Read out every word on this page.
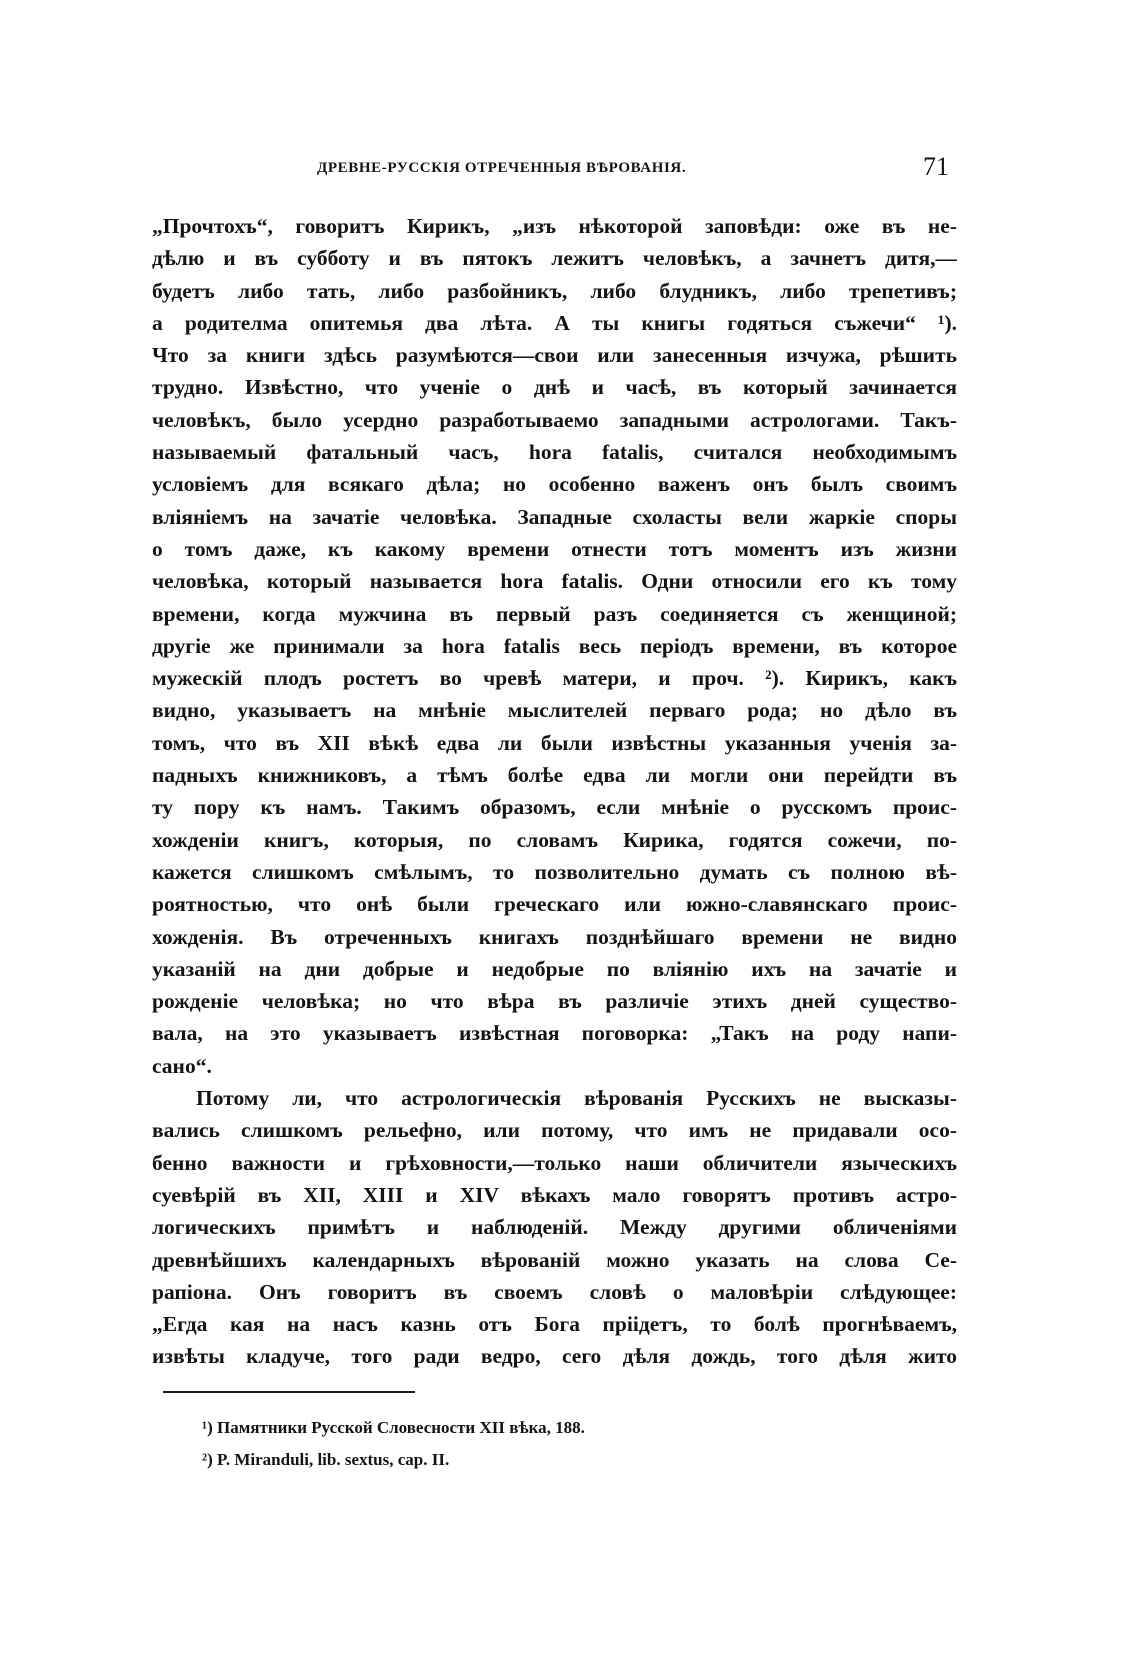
ДРЕВНЕ-РУССКІЯ ОТРЕЧЕННЫЯ ВѢРОВАНІЯ.	71
„Прочтохъ“, говоритъ Кирикъ, „изъ нѣкоторой заповѣди: оже въ не-
дѣлю и въ субботу и въ пятокъ лежитъ человѣкъ, а зачнетъ дитя,—
будетъ либо тать, либо разбойникъ, либо блудникъ, либо трепетивъ;
а родителма опитемья два лѣта. А ты книгы годяться съжечи“ ¹).
Что за книги здѣсь разумѣются—свои или занесенныя изчужа, рѣшить
трудно. Извѣстно, что ученіе о днѣ и часѣ, въ который зачинается
человѣкъ, было усердно разработываемо западными астрологами. Такъ-
называемый фатальный часъ, hora fatalis, считался необходимымъ
условіемъ для всякаго дѣла; но особенно важенъ онъ былъ своимъ
вліяніемъ на зачатіе человѣка. Западные схоласты вели жаркіе споры
о томъ даже, къ какому времени отнести тотъ моментъ изъ жизни
человѣка, который называется hora fatalis. Одни относили его къ тому
времени, когда мужчина въ первый разъ соединяется съ женщиной;
другіе же принимали за hora fatalis весь періодъ времени, въ которое
мужескій плодъ ростетъ во чревѣ матери, и проч. ²). Кирикъ, какъ
видно, указываетъ на мнѣніе мыслителей перваго рода; но дѣло въ
томъ, что въ XII вѣкѣ едва ли были извѣстны указанныя ученія за-
падныхъ книжниковъ, а тѣмъ болѣе едва ли могли они перейдти въ
ту пору къ намъ. Такимъ образомъ, если мнѣніе о русскомъ проис-
хожденіи книгъ, которыя, по словамъ Кирика, годятся сожечи, по-
кажется слишкомъ смѣлымъ, то позволительно думать съ полною вѣ-
роятностью, что онѣ были греческаго или южно-славянскаго проис-
хожденія. Въ отреченныхъ книгахъ позднѣйшаго времени не видно
указаній на дни добрые и недобрые по вліянію ихъ на зачатіе и
рожденіе человѣка; но что вѣра въ различіе этихъ дней существо-
вала, на это указываетъ извѣстная поговорка: „Такъ на роду напи-
сано“.
Потому ли, что астрологическія вѣрованія Русскихъ не высказы-
вались слишкомъ рельефно, или потому, что имъ не придавали осо-
бенно важности и грѣховности,—только наши обличители языческихъ
суевѣрій въ XII, XIII и XIV вѣкахъ мало говорятъ противъ астро-
логическихъ примѣтъ и наблюденій. Между другими обличеніями
древнѣйшихъ календарныхъ вѣрованій можно указать на слова Се-
рапіона. Онъ говоритъ въ своемъ словѣ о маловѣріи слѣдующее:
„Егда кая на насъ казнь отъ Бога пріідетъ, то болѣ прогнѣваемъ,
извѣты кладуче, того ради ведро, сего дѣля дождь, того дѣля жито
¹) Памятники Русской Словесности XII вѣка, 188.
²) P. Miranduli, lib. sextus, cap. II.
